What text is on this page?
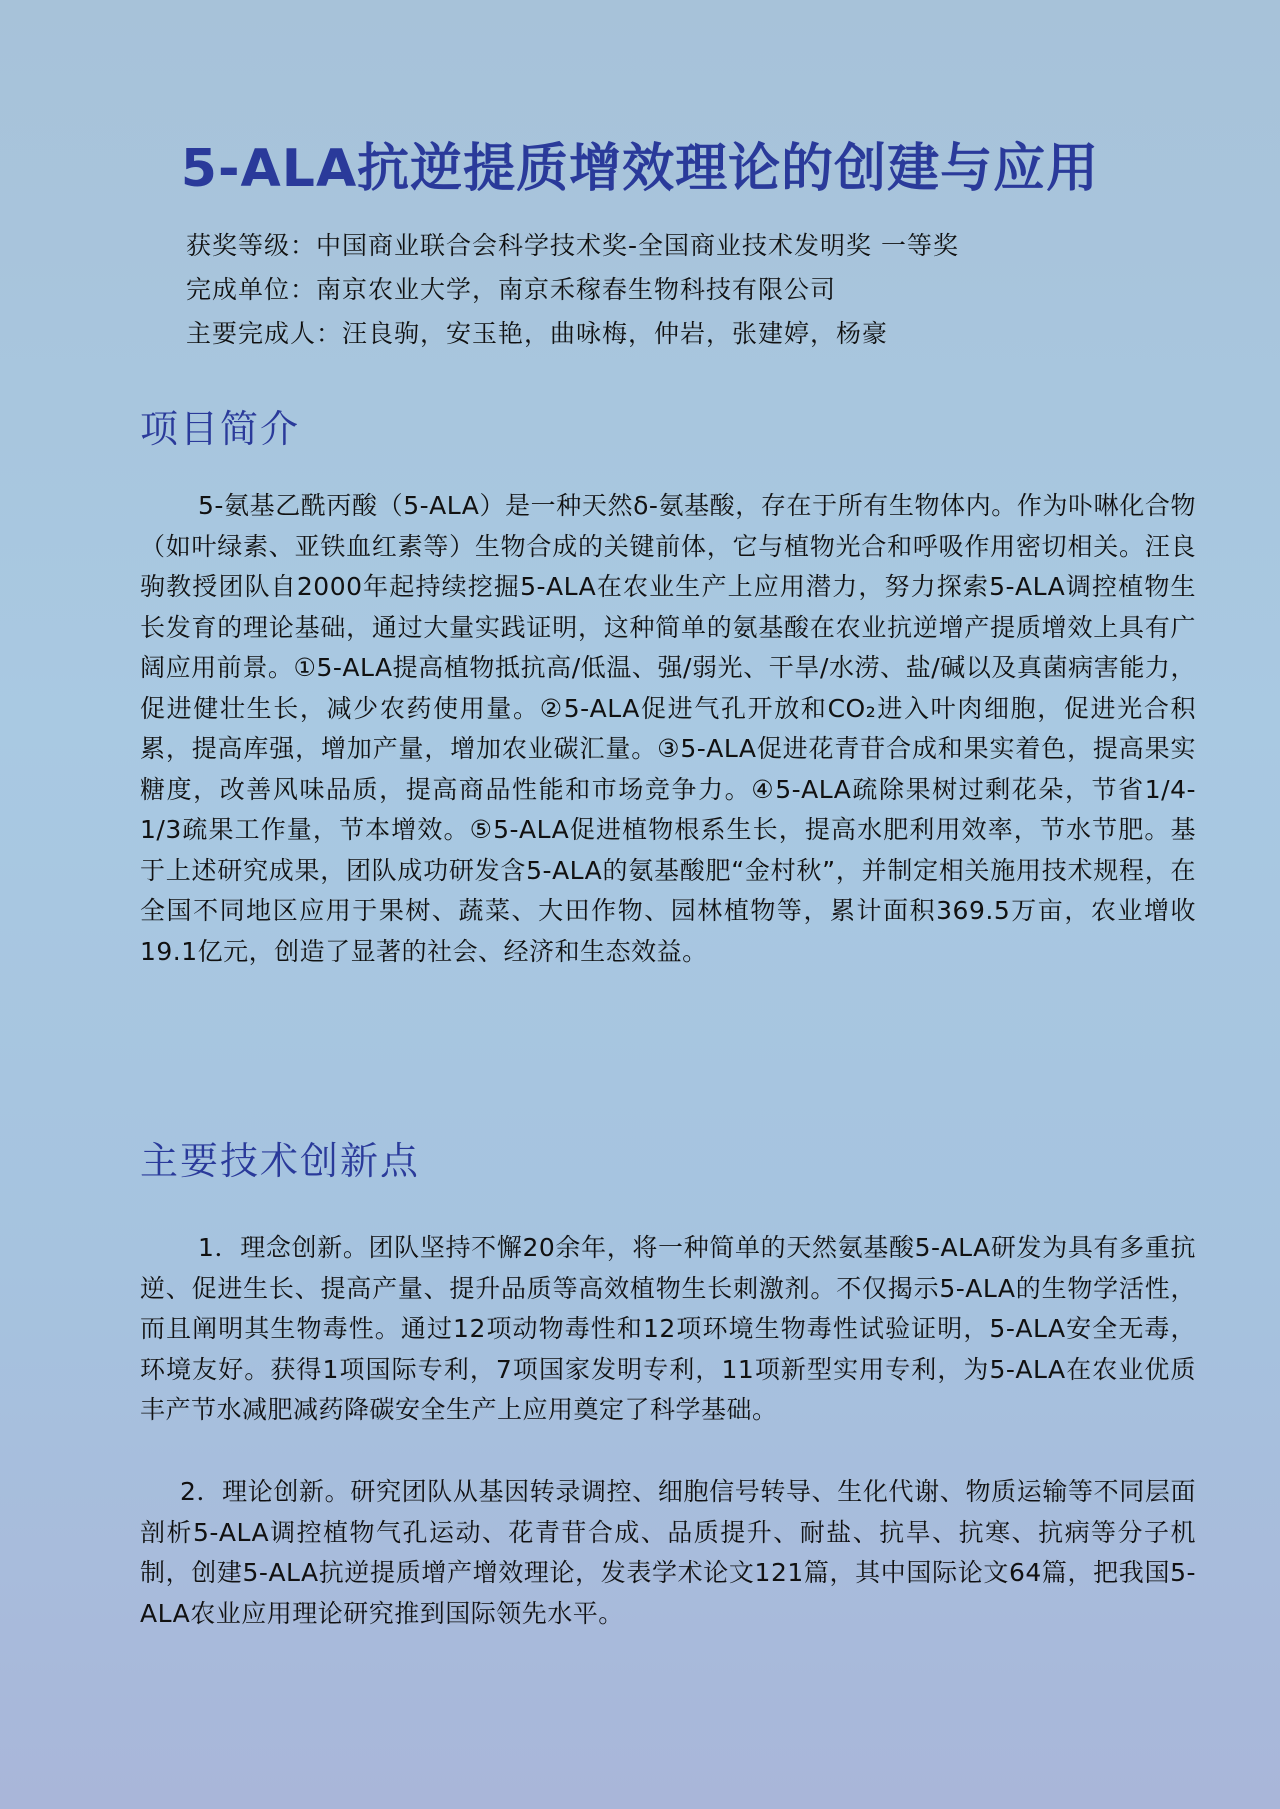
5-ALA抗逆提质增效理论的创建与应用
获奖等级：中国商业联合会科学技术奖-全国商业技术发明奖 一等奖
完成单位：南京农业大学，南京禾稼春生物科技有限公司
主要完成人：汪良驹，安玉艳，曲咏梅，仲岩，张建婷，杨豪
项目简介

5-氨基乙酰丙酸（5-ALA）是一种天然δ-氨基酸，存在于所有生物体内。作为卟啉化合物（如叶绿素、亚铁血红素等）生物合成的关键前体，它与植物光合和呼吸作用密切相关。汪良驹教授团队自2000年起持续挖掘5-ALA在农业生产上应用潜力，努力探索5-ALA调控植物生长发育的理论基础，通过大量实践证明，这种简单的氨基酸在农业抗逆增产提质增效上具有广阔应用前景。①5-ALA提高植物抵抗高/低温、强/弱光、干旱/水涝、盐/碱以及真菌病害能力，促进健壮生长，减少农药使用量。②5-ALA促进气孔开放和CO₂进入叶肉细胞，促进光合积累，提高库强，增加产量，增加农业碳汇量。③5-ALA促进花青苷合成和果实着色，提高果实糖度，改善风味品质，提高商品性能和市场竞争力。④5-ALA疏除果树过剩花朵，节省1/4-1/3疏果工作量，节本增效。⑤5-ALA促进植物根系生长，提高水肥利用效率，节水节肥。基于上述研究成果，团队成功研发含5-ALA的氨基酸肥“金村秋”，并制定相关施用技术规程，在全国不同地区应用于果树、蔬菜、大田作物、园林植物等，累计面积369.5万亩，农业增收19.1亿元，创造了显著的社会、经济和生态效益。

主要技术创新点

1．理念创新。团队坚持不懈20余年，将一种简单的天然氨基酸5-ALA研发为具有多重抗逆、促进生长、提高产量、提升品质等高效植物生长刺激剂。不仅揭示5-ALA的生物学活性，而且阐明其生物毒性。通过12项动物毒性和12项环境生物毒性试验证明，5-ALA安全无毒，环境友好。获得1项国际专利，7项国家发明专利，11项新型实用专利，为5-ALA在农业优质丰产节水减肥减药降碳安全生产上应用奠定了科学基础。

2．理论创新。研究团队从基因转录调控、细胞信号转导、生化代谢、物质运输等不同层面剖析5-ALA调控植物气孔运动、花青苷合成、品质提升、耐盐、抗旱、抗寒、抗病等分子机制，创建5-ALA抗逆提质增产增效理论，发表学术论文121篇，其中国际论文64篇，把我国5-ALA农业应用理论研究推到国际领先水平。
